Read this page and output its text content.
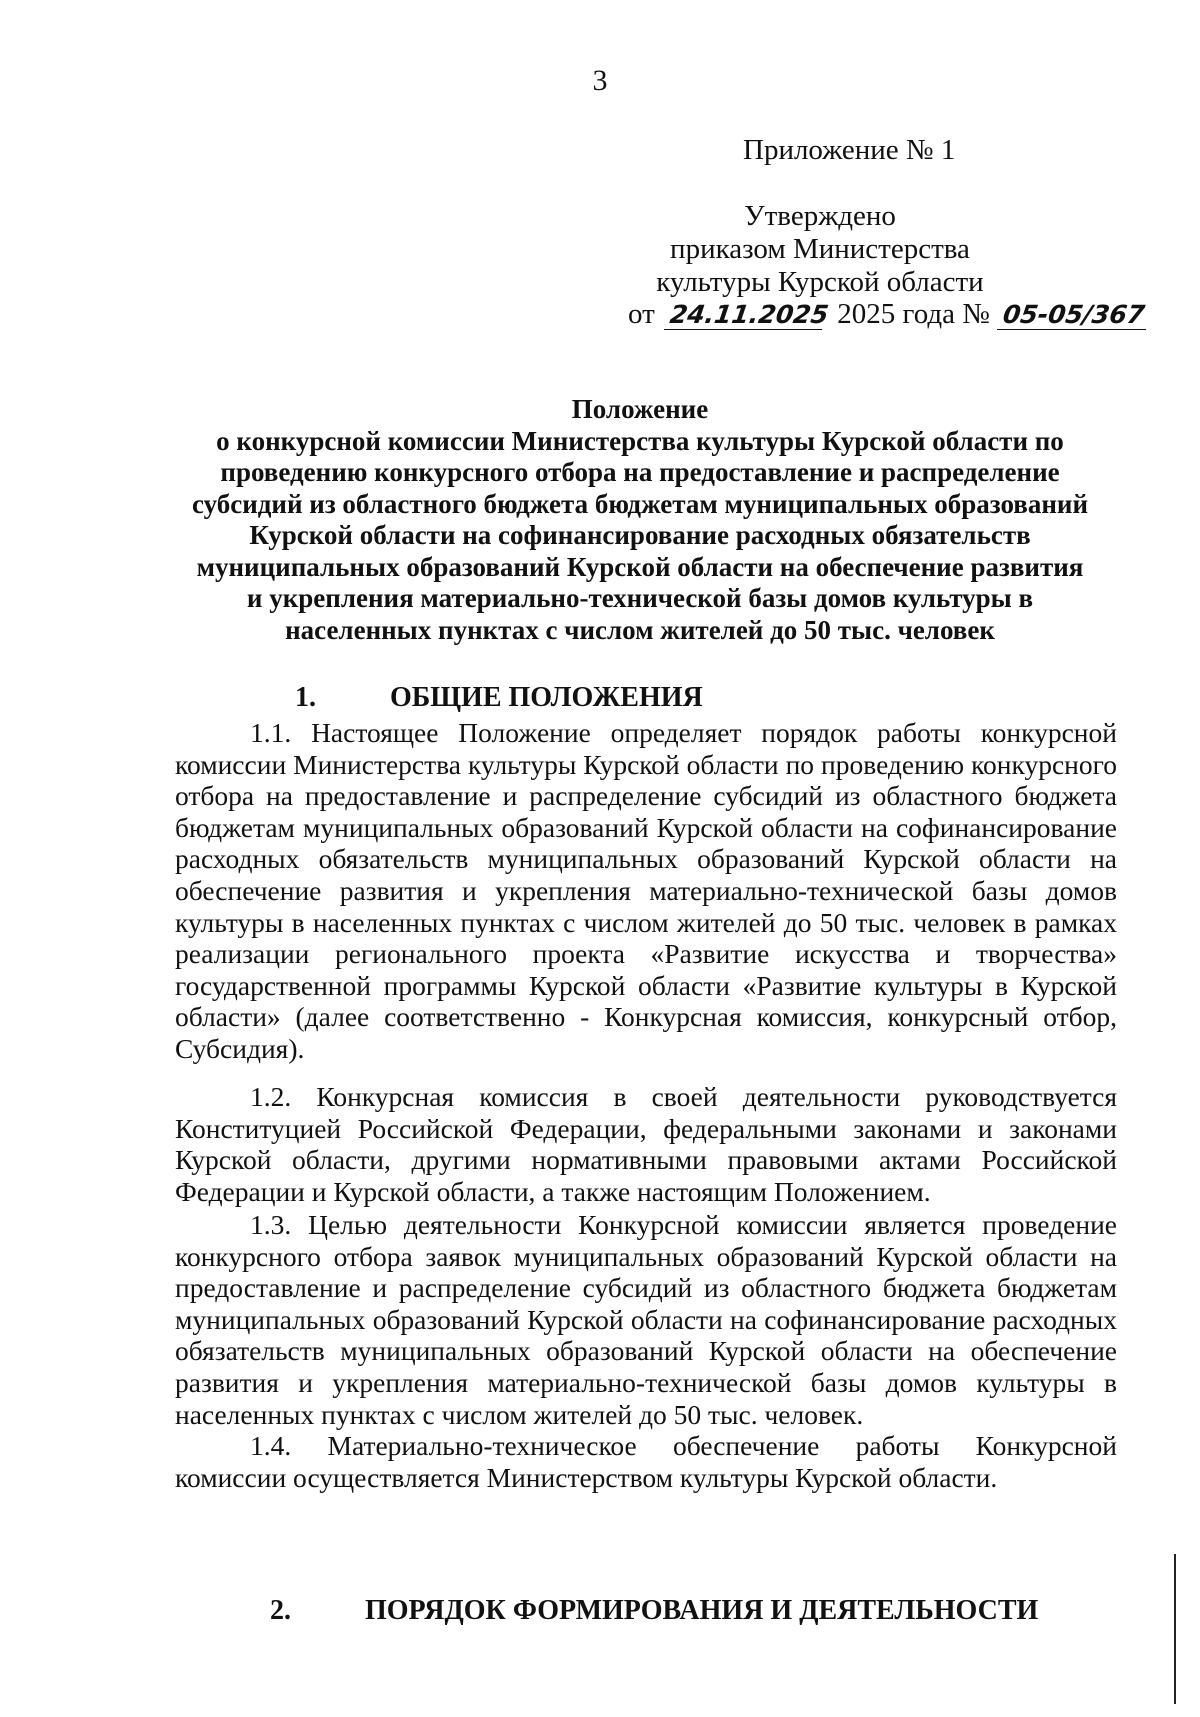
3
Приложение № 1
Утверждено
приказом Министерства
культуры Курской области
от 24.11.2025 2025 года № 05-05/367
Положение
о конкурсной комиссии Министерства культуры Курской области по
проведению конкурсного отбора на предоставление и распределение
субсидий из областного бюджета бюджетам муниципальных образований
Курской области на софинансирование расходных обязательств
муниципальных образований Курской области на обеспечение развития
и укрепления материально-технической базы домов культуры в
населенных пунктах с числом жителей до 50 тыс. человек
1.	ОБЩИЕ ПОЛОЖЕНИЯ
1.1. Настоящее Положение определяет порядок работы конкурсной комиссии Министерства культуры Курской области по проведению конкурсного отбора на предоставление и распределение субсидий из областного бюджета бюджетам муниципальных образований Курской области на софинансирование расходных обязательств муниципальных образований Курской области на обеспечение развития и укрепления материально-технической базы домов культуры в населенных пунктах с числом жителей до 50 тыс. человек в рамках реализации регионального проекта «Развитие искусства и творчества» государственной программы Курской области «Развитие культуры в Курской области» (далее соответственно - Конкурсная комиссия, конкурсный отбор, Субсидия).
1.2. Конкурсная комиссия в своей деятельности руководствуется Конституцией Российской Федерации, федеральными законами и законами Курской области, другими нормативными правовыми актами Российской Федерации и Курской области, а также настоящим Положением.
1.3. Целью деятельности Конкурсной комиссии является проведение конкурсного отбора заявок муниципальных образований Курской области на предоставление и распределение субсидий из областного бюджета бюджетам муниципальных образований Курской области на софинансирование расходных обязательств муниципальных образований Курской области на обеспечение развития и укрепления материально-технической базы домов культуры в населенных пунктах с числом жителей до 50 тыс. человек.
1.4. Материально-техническое обеспечение работы Конкурсной комиссии осуществляется Министерством культуры Курской области.
2.	ПОРЯДОК ФОРМИРОВАНИЯ И ДЕЯТЕЛЬНОСТИ
